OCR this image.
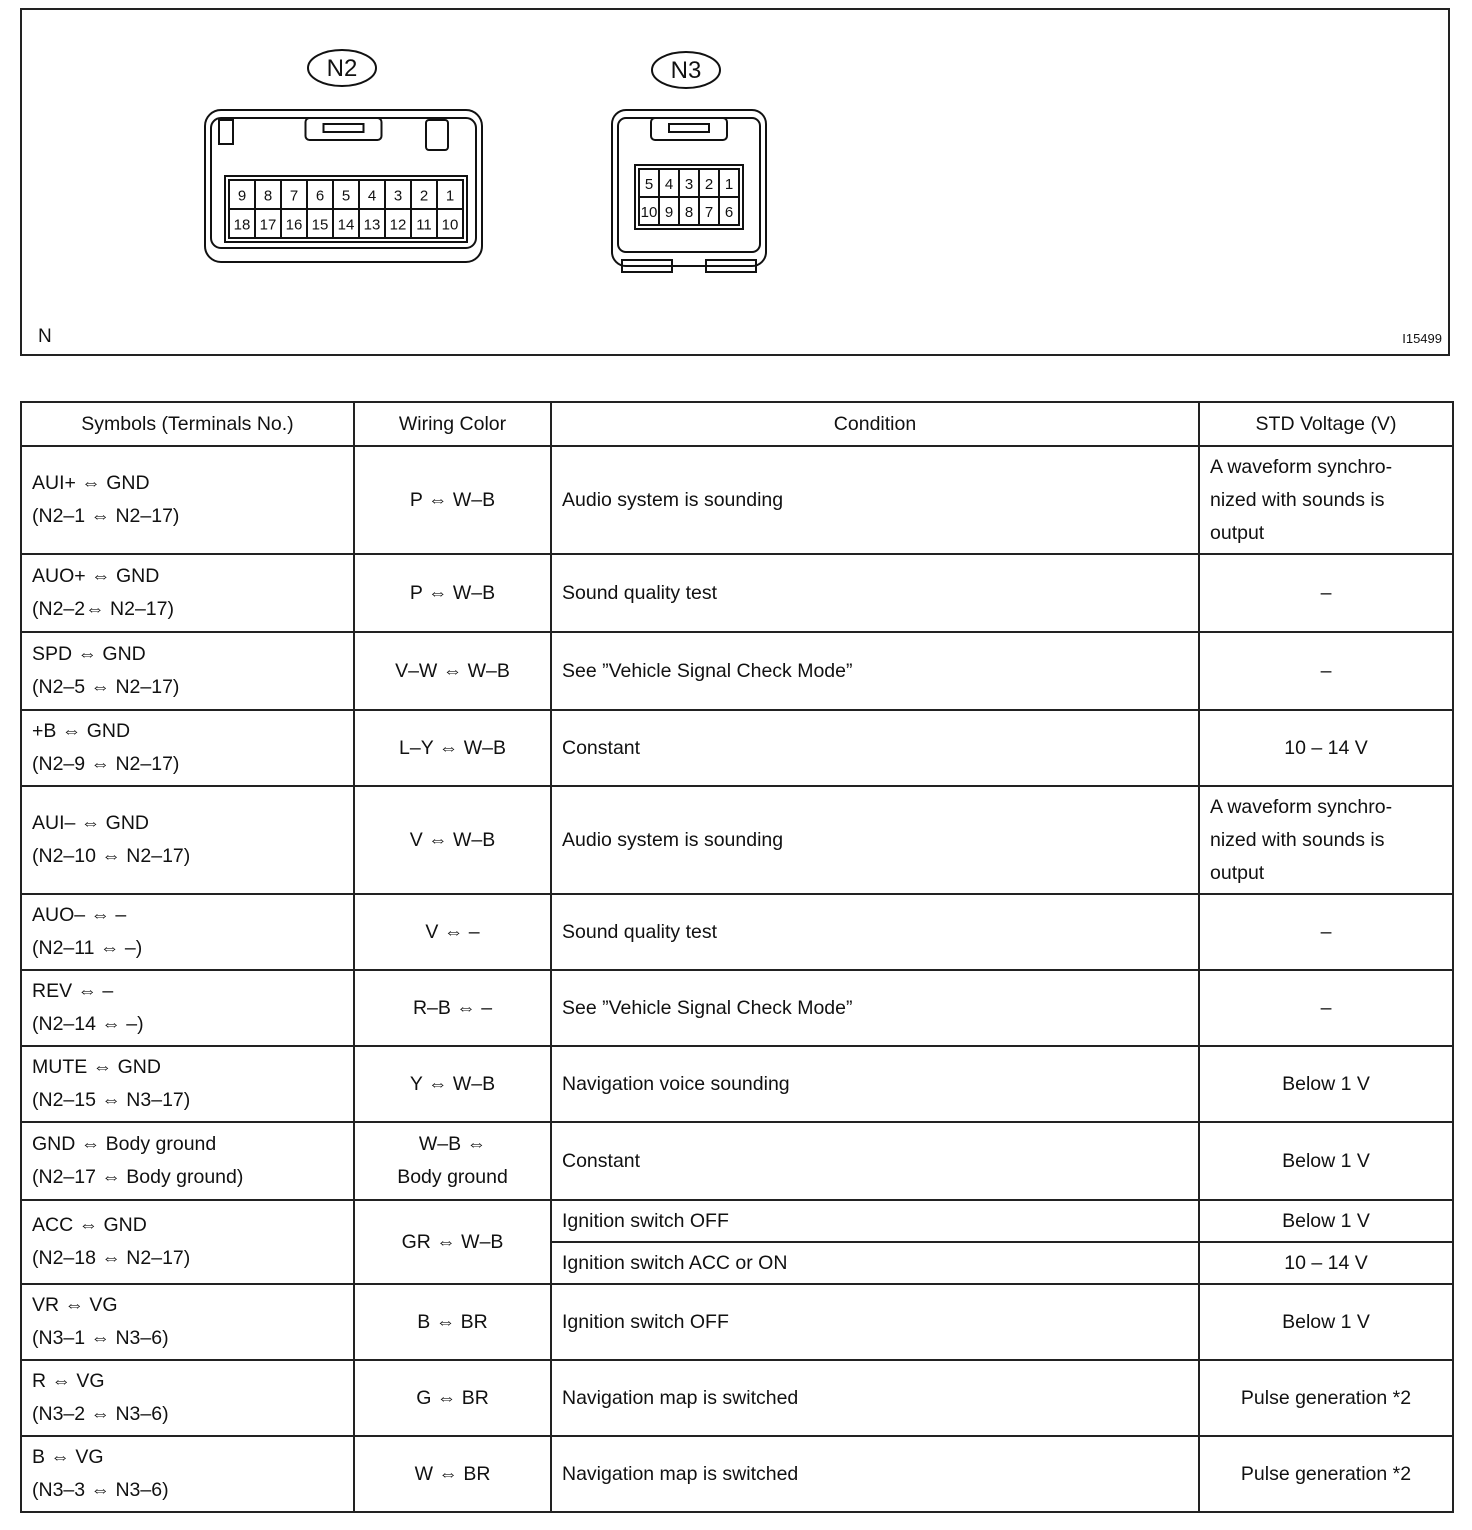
N2
9 8 7 6 5 4 3 2 1
18 17 16 15 14 13 12 11 10
N3
5 4 3 2 1
10 9 8 7 6
N	I15499
Symbols (Terminals No.)	Wiring Color	Condition	STD Voltage (V)

AUI+ ⇔ GND
(N2–1 ⇔ N2–17)	P ⇔ W–B	Audio system is sounding	A waveform synchro-
nized with sounds is
output

AUO+ ⇔ GND
(N2–2⇔ N2–17)	P ⇔ W–B	Sound quality test	–

SPD ⇔ GND
(N2–5 ⇔ N2–17)	V–W ⇔ W–B	See ”Vehicle Signal Check Mode”	–

+B ⇔ GND
(N2–9 ⇔ N2–17)	L–Y ⇔ W–B	Constant	10 – 14 V

AUI– ⇔ GND
(N2–10 ⇔ N2–17)	V ⇔ W–B	Audio system is sounding	A waveform synchro-
nized with sounds is
output

AUO– ⇔ –
(N2–11 ⇔ –)	V ⇔ –	Sound quality test	–

REV ⇔ –
(N2–14 ⇔ –)	R–B ⇔ –	See ”Vehicle Signal Check Mode”	–

MUTE ⇔ GND
(N2–15 ⇔ N3–17)	Y ⇔ W–B	Navigation voice sounding	Below 1 V

GND ⇔ Body ground
(N2–17 ⇔ Body ground)	W–B ⇔
Body ground	Constant	Below 1 V

ACC ⇔ GND
(N2–18 ⇔ N2–17)	GR ⇔ W–B	Ignition switch OFF	Below 1 V

		Ignition switch ACC or ON	10 – 14 V

VR ⇔ VG
(N3–1 ⇔ N3–6)	B ⇔ BR	Ignition switch OFF	Below 1 V

R ⇔ VG
(N3–2 ⇔ N3–6)	G ⇔ BR	Navigation map is switched	Pulse generation *2

B ⇔ VG
(N3–3 ⇔ N3–6)	W ⇔ BR	Navigation map is switched	Pulse generation *2
